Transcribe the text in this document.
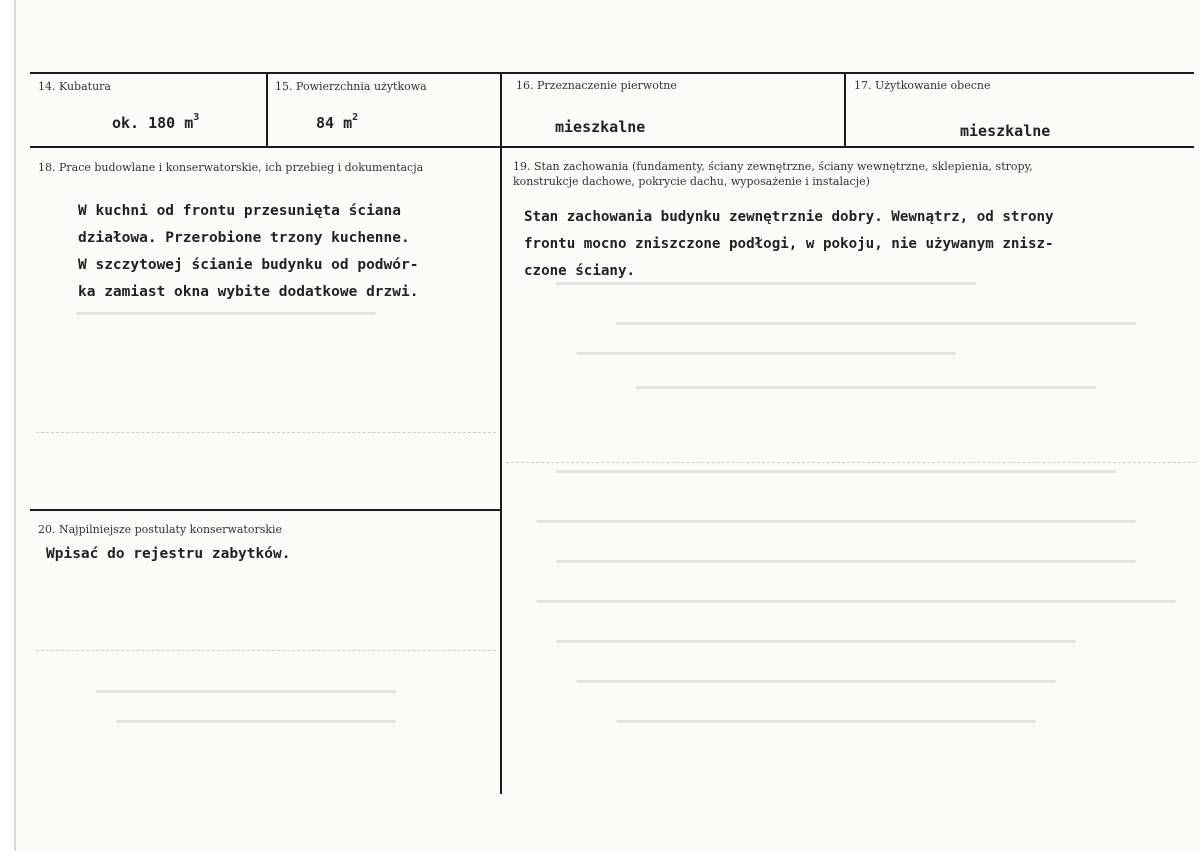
14. Kubatura
ok. 180 $m^3$
15. Powierzchnia użytkowa
84 $m^2$
16. Przeznaczenie pierwotne
mieszkalne
17. Użytkowanie obecne
mieszkalne
18. Prace budowlane i konserwatorskie, ich przebieg i dokumentacja
W kuchni od frontu przesunięta ściana
działowa. Przerobione trzony kuchenne.
W szczytowej ścianie budynku od podwór-
ka zamiast okna wybite dodatkowe drzwi.
19. Stan zachowania (fundamenty, ściany zewnętrzne, ściany wewnętrzne, sklepienia, stropy,
konstrukcje dachowe, pokrycie dachu, wyposażenie i instalacje)
Stan zachowania budynku zewnętrznie dobry. Wewnątrz, od strony
frontu mocno zniszczone podłogi, w pokoju, nie używanym znisz-
czone ściany.
20. Najpilniejsze postulaty konserwatorskie
Wpisać do rejestru zabytków.
